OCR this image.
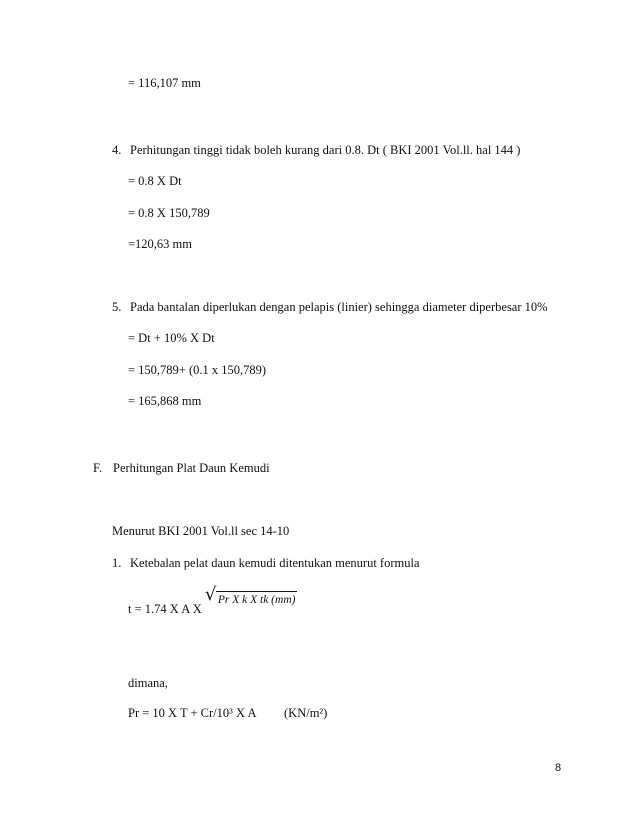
= 116,107 mm
4. Perhitungan tinggi tidak boleh kurang dari 0.8. Dt ( BKI 2001 Vol.ll. hal 144 )
= 0.8 X Dt
= 0.8 X 150,789
=120,63 mm
5. Pada bantalan diperlukan dengan pelapis (linier) sehingga diameter diperbesar 10%
= Dt + 10% X Dt
= 150,789+ (0.1 x 150,789)
= 165,868 mm
F. Perhitungan Plat Daun Kemudi
Menurut BKI 2001 Vol.ll sec 14-10
1. Ketebalan pelat daun kemudi ditentukan menurut formula
t = 1.74 X A X
√ Pr X k X tk (mm)
dimana,
Pr = 10 X T + Cr/10³ X A (KN/m²)
8
